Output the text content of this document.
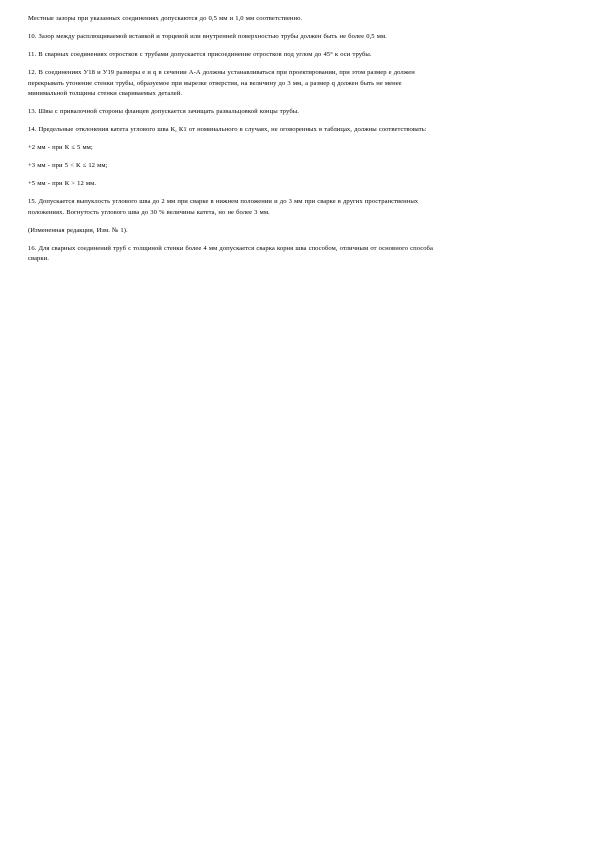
Местные зазоры при указанных соединениях допускаются до 0,5 мм и 1,0 мм соответственно.

10. Зазор между расплющиваемой вставкой и торцевой или внутренней поверхностью трубы должен быть не более 0,5 мм.

11. В сварных соединениях отростков с трубами допускается присоединение отростков под углом до 45° к оси трубы.

12. В соединениях У18 и У19 размеры е и q в сечении А-А должны устанавливаться при проектировании, при этом размер е должен
перекрывать утонение стенки трубы, образуемое при вырезке отверстия, на величину до 3 мм, а размер q должен быть не менее
минимальной толщины стенки свариваемых деталей.

13. Швы с привалочной стороны фланцев допускается зачищать развальцовкой концы трубы.

14. Предельные отклонения катета углового шва К, К1 от номинального в случаях, не оговоренных в таблицах, должны соответствовать:

+2 мм - при К ≤ 5 мм;

+3 мм - при 5 < К ≤ 12 мм;

+5 мм - при К > 12 мм.

15. Допускается выпуклость углового шва до 2 мм при сварке в нижнем положении и до 3 мм при сварке в других пространственных
положениях. Вогнутость углового шва до 30 % величины катета, но не более 3 мм.

(Измененная редакция, Изм. № 1).

16. Для сварных соединений труб с толщиной стенки более 4 мм допускается сварка корня шва способом, отличным от основного способа
сварки.
